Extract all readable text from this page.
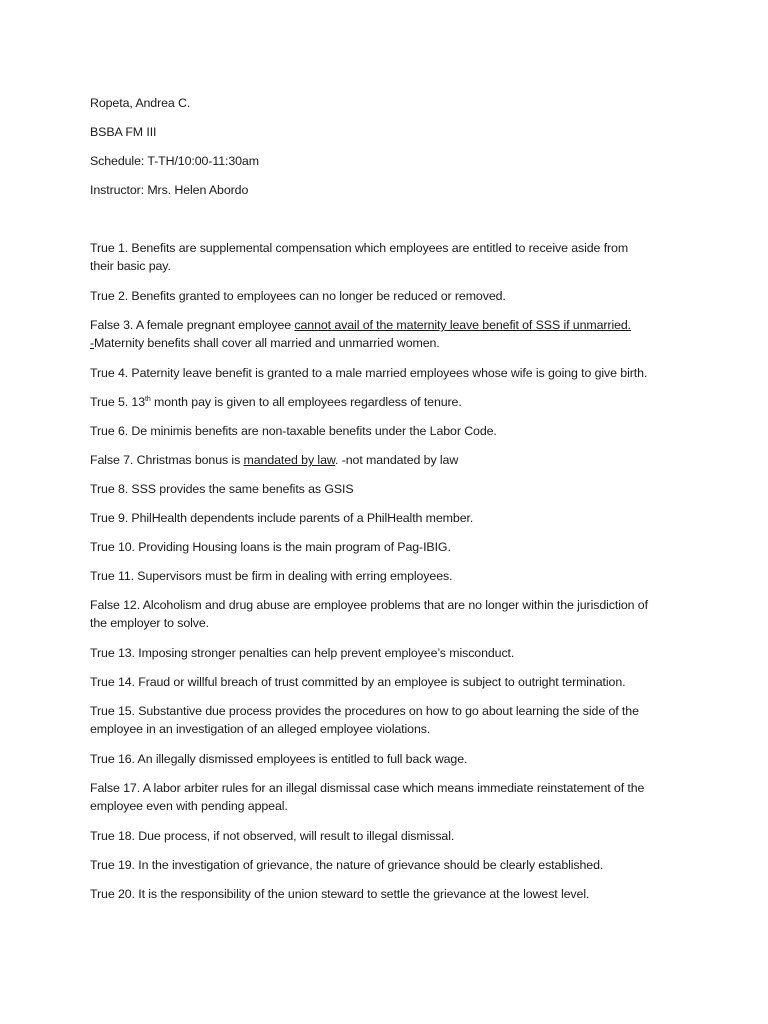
Ropeta, Andrea C.
BSBA FM III
Schedule: T-TH/10:00-11:30am
Instructor: Mrs. Helen Abordo
True 1. Benefits are supplemental compensation which employees are entitled to receive aside from
their basic pay.
True 2. Benefits granted to employees can no longer be reduced or removed.
False 3. A female pregnant employee cannot avail of the maternity leave benefit of SSS if unmarried.
-Maternity benefits shall cover all married and unmarried women.
True 4. Paternity leave benefit is granted to a male married employees whose wife is going to give birth.
True 5. 13th month pay is given to all employees regardless of tenure.
True 6. De minimis benefits are non-taxable benefits under the Labor Code.
False 7. Christmas bonus is mandated by law. -not mandated by law
True 8. SSS provides the same benefits as GSIS
True 9. PhilHealth dependents include parents of a PhilHealth member.
True 10. Providing Housing loans is the main program of Pag-IBIG.
True 11. Supervisors must be firm in dealing with erring employees.
False 12. Alcoholism and drug abuse are employee problems that are no longer within the jurisdiction of
the employer to solve.
True 13. Imposing stronger penalties can help prevent employee’s misconduct.
True 14. Fraud or willful breach of trust committed by an employee is subject to outright termination.
True 15. Substantive due process provides the procedures on how to go about learning the side of the
employee in an investigation of an alleged employee violations.
True 16. An illegally dismissed employees is entitled to full back wage.
False 17. A labor arbiter rules for an illegal dismissal case which means immediate reinstatement of the
employee even with pending appeal.
True 18. Due process, if not observed, will result to illegal dismissal.
True 19. In the investigation of grievance, the nature of grievance should be clearly established.
True 20. It is the responsibility of the union steward to settle the grievance at the lowest level.
